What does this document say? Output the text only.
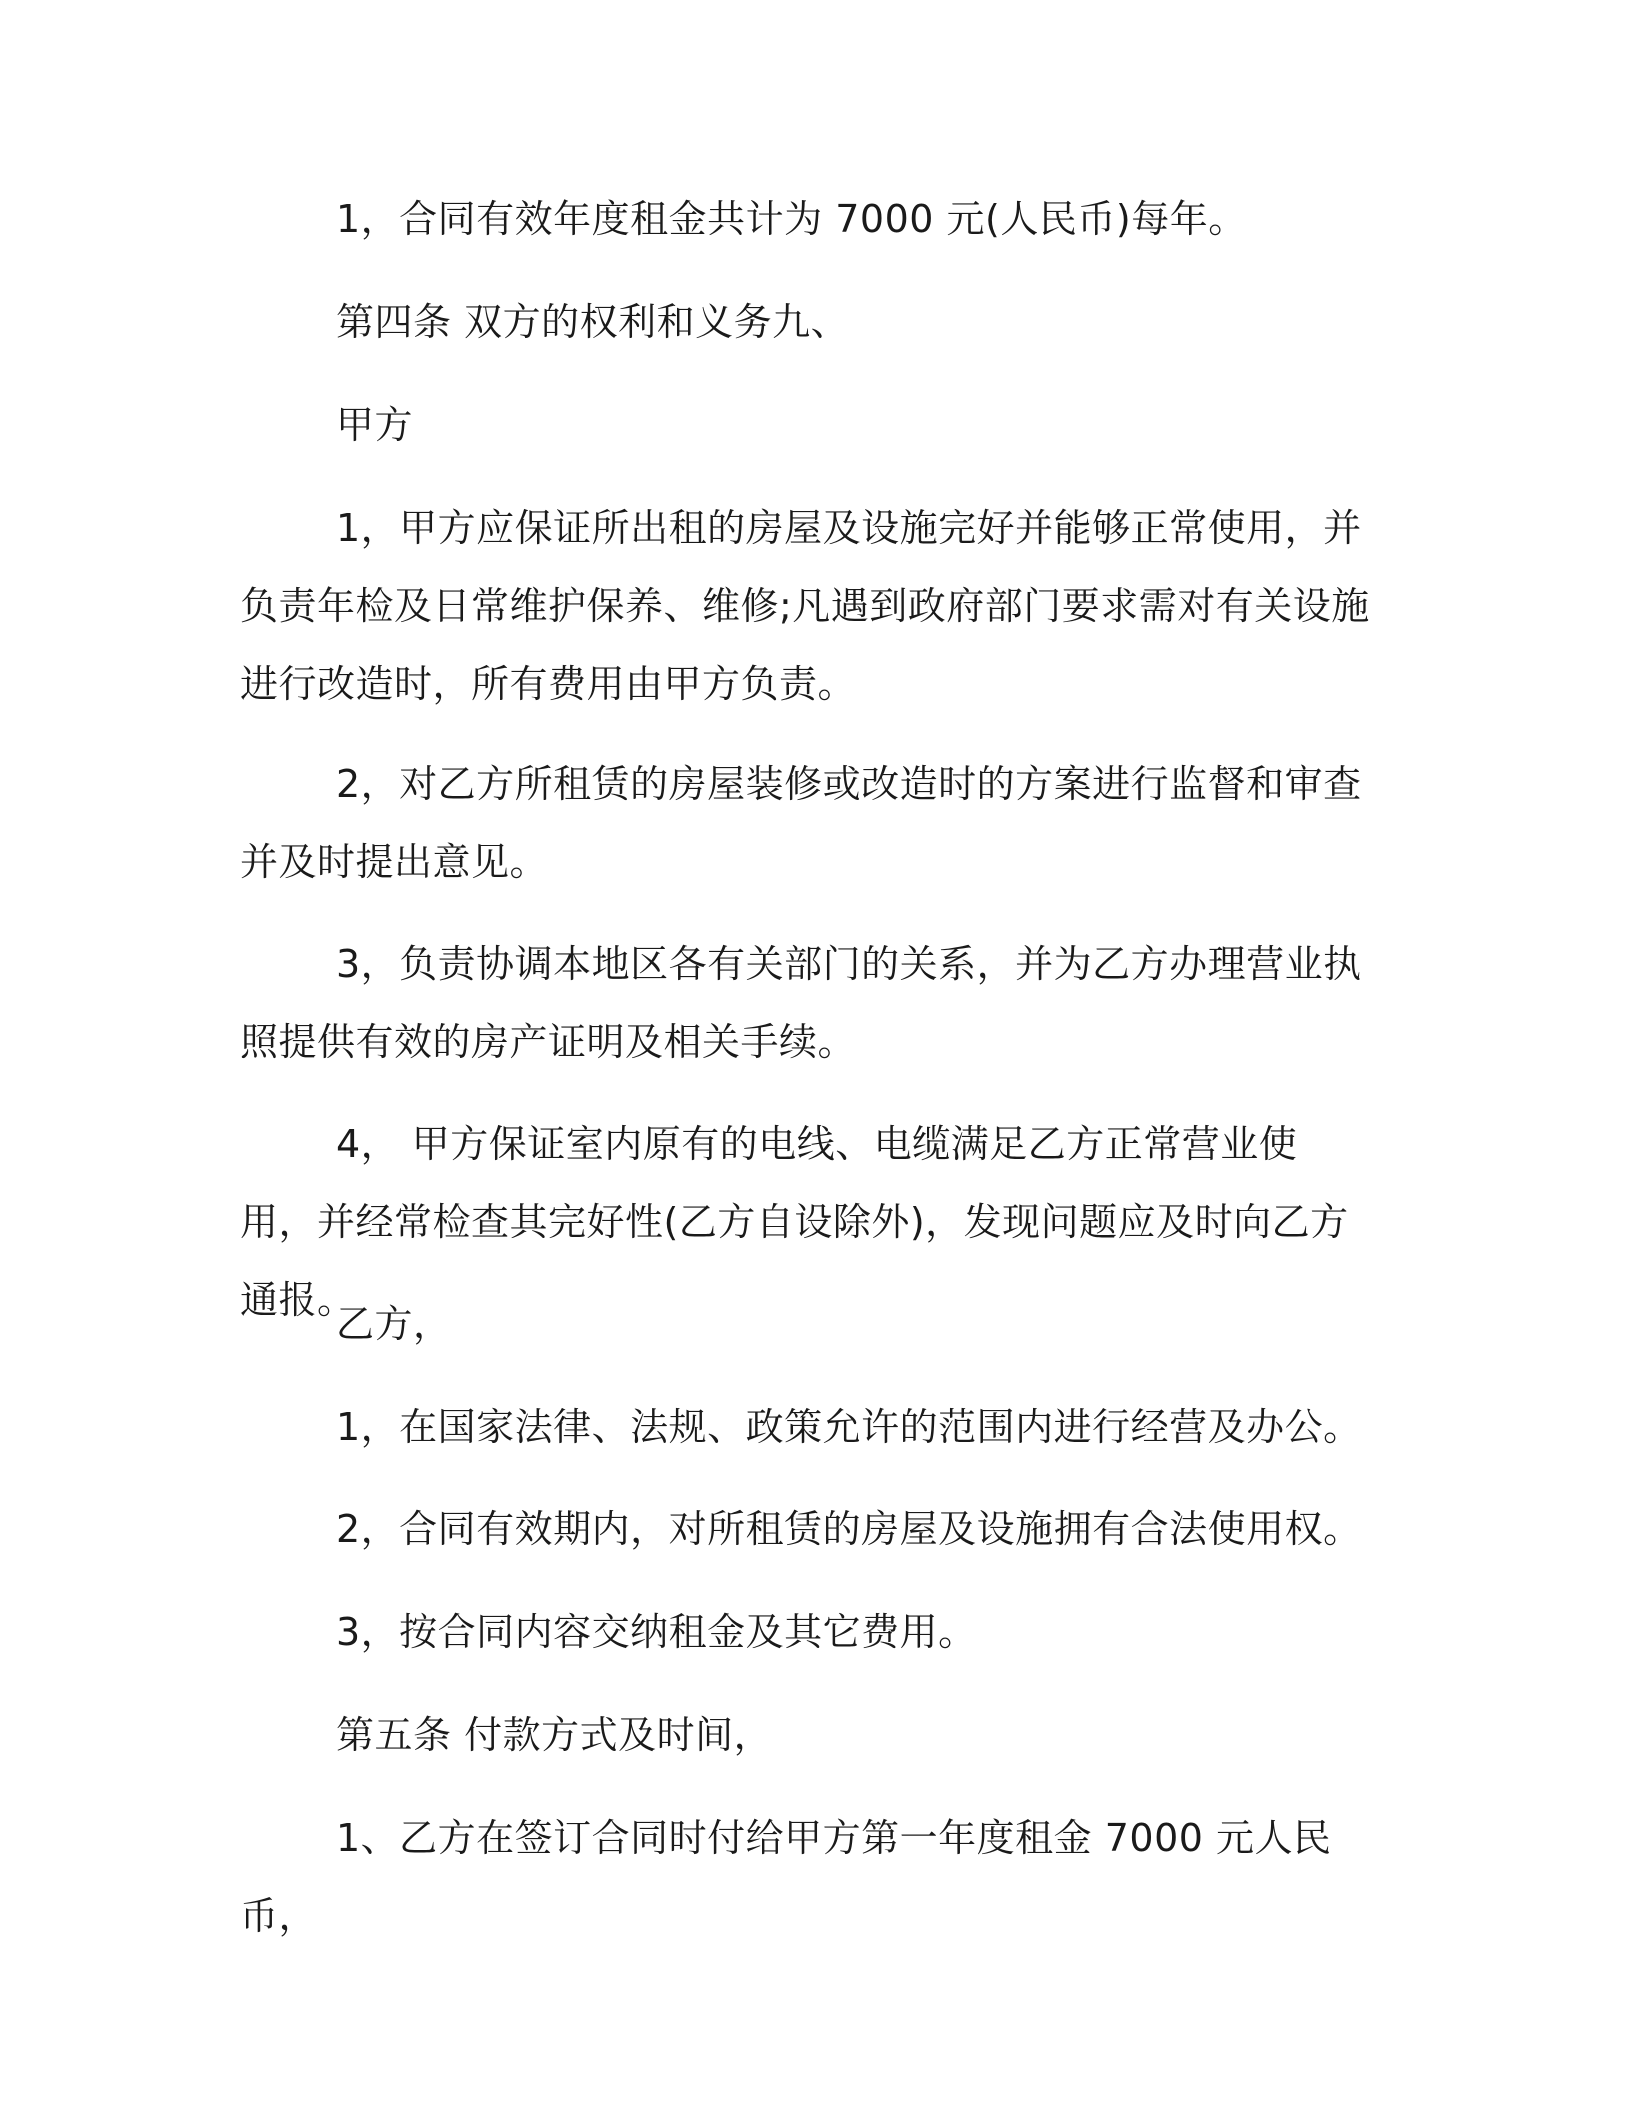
1，合同有效年度租金共计为 7000 元(人民币)每年。

第四条 双方的权利和义务九、

甲方

1，甲方应保证所出租的房屋及设施完好并能够正常使用，并负责年检及日常维护保养、维修;凡遇到政府部门要求需对有关设施进行改造时，所有费用由甲方负责。

2，对乙方所租赁的房屋装修或改造时的方案进行监督和审查并及时提出意见。

3，负责协调本地区各有关部门的关系，并为乙方办理营业执照提供有效的房产证明及相关手续。

4， 甲方保证室内原有的电线、电缆满足乙方正常营业使用，并经常检查其完好性(乙方自设除外)，发现问题应及时向乙方通报。

乙方，

1，在国家法律、法规、政策允许的范围内进行经营及办公。

2，合同有效期内，对所租赁的房屋及设施拥有合法使用权。

3，按合同内容交纳租金及其它费用。

第五条 付款方式及时间，

1、乙方在签订合同时付给甲方第一年度租金 7000 元人民币，
